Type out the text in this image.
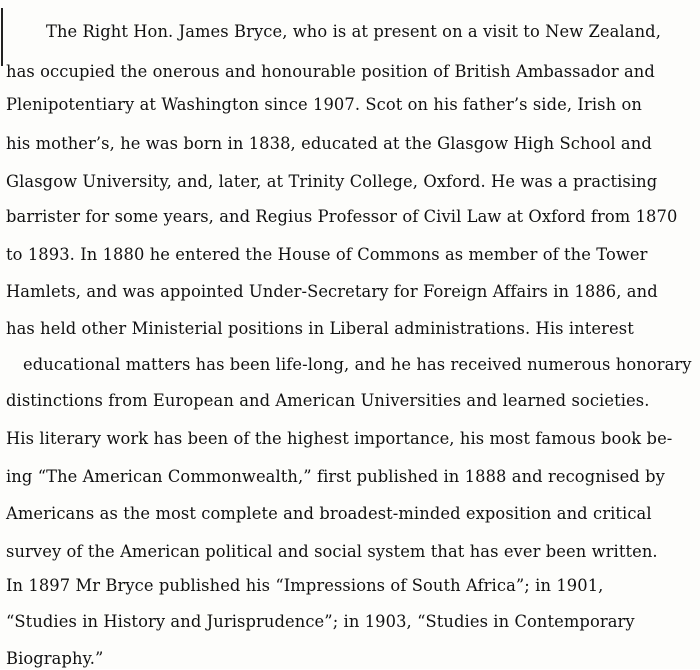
The Right Hon. James Bryce, who is at present on a visit to New Zealand,
has occupied the onerous and honourable position of British Ambassador and
Plenipotentiary at Washington since 1907. Scot on his father’s side, Irish on
his mother’s, he was born in 1838, educated at the Glasgow High School and
Glasgow University, and, later, at Trinity College, Oxford. He was a practising
barrister for some years, and Regius Professor of Civil Law at Oxford from 1870
to 1893. In 1880 he entered the House of Commons as member of the Tower
Hamlets, and was appointed Under-Secretary for Foreign Affairs in 1886, and
has held other Ministerial positions in Liberal administrations. His interest
educational matters has been life-long, and he has received numerous honorary
distinctions from European and American Universities and learned societies.
His literary work has been of the highest importance, his most famous book be-
ing “The American Commonwealth,” first published in 1888 and recognised by
Americans as the most complete and broadest-minded exposition and critical
survey of the American political and social system that has ever been written.
In 1897 Mr Bryce published his “Impressions of South Africa”; in 1901,
“Studies in History and Jurisprudence”; in 1903, “Studies in Contemporary
Biography.”
